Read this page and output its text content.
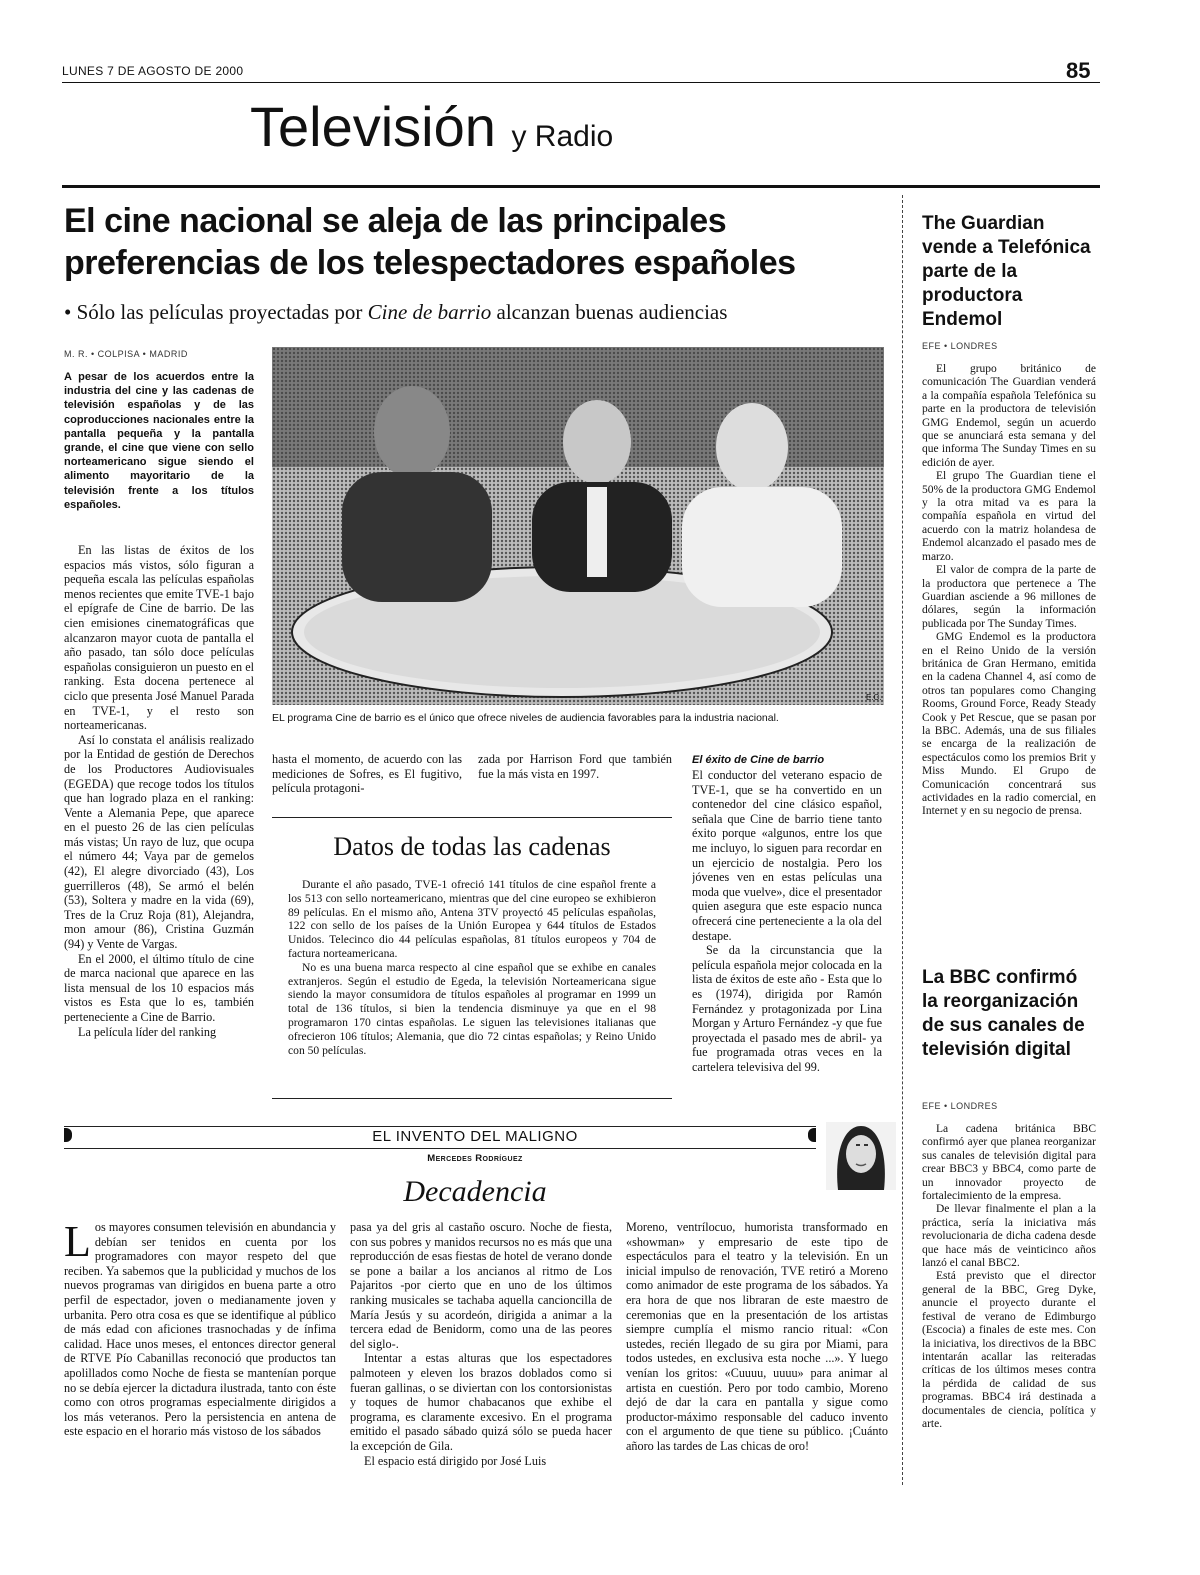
LUNES 7 DE AGOSTO DE 2000	85
Televisión y Radio
El cine nacional se aleja de las principales
preferencias de los telespectadores españoles
• Sólo las películas proyectadas por Cine de barrio alcanzan buenas audiencias
M. R. • COLPISA • MADRID
A pesar de los acuerdos entre la industria del cine y las cadenas de televisión españolas y de las coproducciones nacionales entre la pantalla pequeña y la pantalla grande, el cine que viene con sello norteamericano sigue siendo el alimento mayoritario de la televisión frente a los títulos españoles.

En las listas de éxitos de los espacios más vistos, sólo figuran a pequeña escala las películas españolas menos recientes que emite TVE-1 bajo el epígrafe de Cine de barrio. De las cien emisiones cinematográficas que alcanzaron mayor cuota de pantalla el año pasado, tan sólo doce películas españolas consiguieron un puesto en el ranking. Esta docena pertenece al ciclo que presenta José Manuel Parada en TVE-1, y el resto son norteamericanas.

Así lo constata el análisis realizado por la Entidad de gestión de Derechos de los Productores Audiovisuales (EGEDA) que recoge todos los títulos que han logrado plaza en el ranking: Vente a Alemania Pepe, que aparece en el puesto 26 de las cien películas más vistas; Un rayo de luz, que ocupa el número 44; Vaya par de gemelos (42), El alegre divorciado (43), Los guerrilleros (48), Se armó el belén (53), Soltera y madre en la vida (69), Tres de la Cruz Roja (81), Alejandra, mon amour (86), Cristina Guzmán (94) y Vente de Vargas.

En el 2000, el último título de cine de marca nacional que aparece en las lista mensual de los 10 espacios más vistos es Esta que lo es, también perteneciente a Cine de Barrio.

La película líder del ranking

E.C.
EL programa Cine de barrio es el único que ofrece niveles de audiencia favorables para la industria nacional.
hasta el momento, de acuerdo con las mediciones de Sofres, es El fugitivo, película protagoni-
zada por Harrison Ford que también fue la más vista en 1997.
Datos de todas las cadenas

Durante el año pasado, TVE-1 ofreció 141 títulos de cine español frente a los 513 con sello norteamericano, mientras que del cine europeo se exhibieron 89 películas. En el mismo año, Antena 3TV proyectó 45 películas españolas, 122 con sello de los países de la Unión Europea y 644 títulos de Estados Unidos. Telecinco dio 44 películas españolas, 81 títulos europeos y 704 de factura norteamericana.

No es una buena marca respecto al cine español que se exhibe en canales extranjeros. Según el estudio de Egeda, la televisión Norteamericana sigue siendo la mayor consumidora de títulos españoles al programar en 1999 un total de 136 títulos, si bien la tendencia disminuye ya que en el 98 programaron 170 cintas españolas. Le siguen las televisiones italianas que ofrecieron 106 títulos; Alemania, que dio 72 cintas españolas; y Reino Unido con 50 películas.

El éxito de Cine de barrio

El conductor del veterano espacio de TVE-1, que se ha convertido en un contenedor del cine clásico español, señala que Cine de barrio tiene tanto éxito porque «algunos, entre los que me incluyo, lo siguen para recordar en un ejercicio de nostalgia. Pero los jóvenes ven en estas películas una moda que vuelve», dice el presentador quien asegura que este espacio nunca ofrecerá cine perteneciente a la ola del destape.

Se da la circunstancia que la película española mejor colocada en la lista de éxitos de este año - Esta que lo es (1974), dirigida por Ramón Fernández y protagonizada por Lina Morgan y Arturo Fernández -y que fue proyectada el pasado mes de abril- ya fue programada otras veces en la cartelera televisiva del 99.

EL INVENTO DEL MALIGNO
Mercedes Rodríguez
Decadencia
Los mayores consumen televisión en abundancia y debían ser tenidos en cuenta por los programadores con mayor respeto del que reciben. Ya sabemos que la publicidad y muchos de los nuevos programas van dirigidos en buena parte a otro perfil de espectador, joven o medianamente joven y urbanita. Pero otra cosa es que se identifique al público de más edad con aficiones trasnochadas y de ínfima calidad. Hace unos meses, el entonces director general de RTVE Pío Cabanillas reconoció que productos tan apolillados como Noche de fiesta se mantenían porque no se debía ejercer la dictadura ilustrada, tanto con éste como con otros programas especialmente dirigidos a los más veteranos. Pero la persistencia en antena de este espacio en el horario más vistoso de los sábados

pasa ya del gris al castaño oscuro. Noche de fiesta, con sus pobres y manidos recursos no es más que una reproducción de esas fiestas de hotel de verano donde se pone a bailar a los ancianos al ritmo de Los Pajaritos -por cierto que en uno de los últimos ranking musicales se tachaba aquella cancioncilla de María Jesús y su acordeón, dirigida a animar a la tercera edad de Benidorm, como una de las peores del siglo-.

Intentar a estas alturas que los espectadores palmoteen y eleven los brazos doblados como si fueran gallinas, o se diviertan con los contorsionistas y toques de humor chabacanos que exhibe el programa, es claramente excesivo. En el programa emitido el pasado sábado quizá sólo se pueda hacer la excepción de Gila.

El espacio está dirigido por José Luis

Moreno, ventrílocuo, humorista transformado en «showman» y empresario de este tipo de espectáculos para el teatro y la televisión. En un inicial impulso de renovación, TVE retiró a Moreno como animador de este programa de los sábados. Ya era hora de que nos libraran de este maestro de ceremonias que en la presentación de los artistas siempre cumplía el mismo rancio ritual: «Con ustedes, recién llegado de su gira por Miami, para todos ustedes, en exclusiva esta noche ...». Y luego venían los gritos: «Cuuuu, uuuu» para animar al artista en cuestión. Pero por todo cambio, Moreno dejó de dar la cara en pantalla y sigue como productor-máximo responsable del caduco invento con el argumento de que tiene su público. ¡Cuánto añoro las tardes de Las chicas de oro!
The Guardian vende a Telefónica parte de la productora Endemol
EFE • LONDRES

El grupo británico de comunicación The Guardian venderá a la compañía española Telefónica su parte en la productora de televisión GMG Endemol, según un acuerdo que se anunciará esta semana y del que informa The Sunday Times en su edición de ayer.

El grupo The Guardian tiene el 50% de la productora GMG Endemol y la otra mitad va es para la compañía española en virtud del acuerdo con la matriz holandesa de Endemol alcanzado el pasado mes de marzo.

El valor de compra de la parte de la productora que pertenece a The Guardian asciende a 96 millones de dólares, según la información publicada por The Sunday Times.

GMG Endemol es la productora en el Reino Unido de la versión británica de Gran Hermano, emitida en la cadena Channel 4, así como de otros tan populares como Changing Rooms, Ground Force, Ready Steady Cook y Pet Rescue, que se pasan por la BBC. Además, una de sus filiales se encarga de la realización de espectáculos como los premios Brit y Miss Mundo. El Grupo de Comunicación concentrará sus actividades en la radio comercial, en Internet y en su negocio de prensa.

La BBC confirmó la reorganización de sus canales de televisión digital
EFE • LONDRES

La cadena británica BBC confirmó ayer que planea reorganizar sus canales de televisión digital para crear BBC3 y BBC4, como parte de un innovador proyecto de fortalecimiento de la empresa.

De llevar finalmente el plan a la práctica, sería la iniciativa más revolucionaria de dicha cadena desde que hace más de veinticinco años lanzó el canal BBC2.

Está previsto que el director general de la BBC, Greg Dyke, anuncie el proyecto durante el festival de verano de Edimburgo (Escocia) a finales de este mes. Con la iniciativa, los directivos de la BBC intentarán acallar las reiteradas críticas de los últimos meses contra la pérdida de calidad de sus programas. BBC4 irá destinada a documentales de ciencia, política y arte.
